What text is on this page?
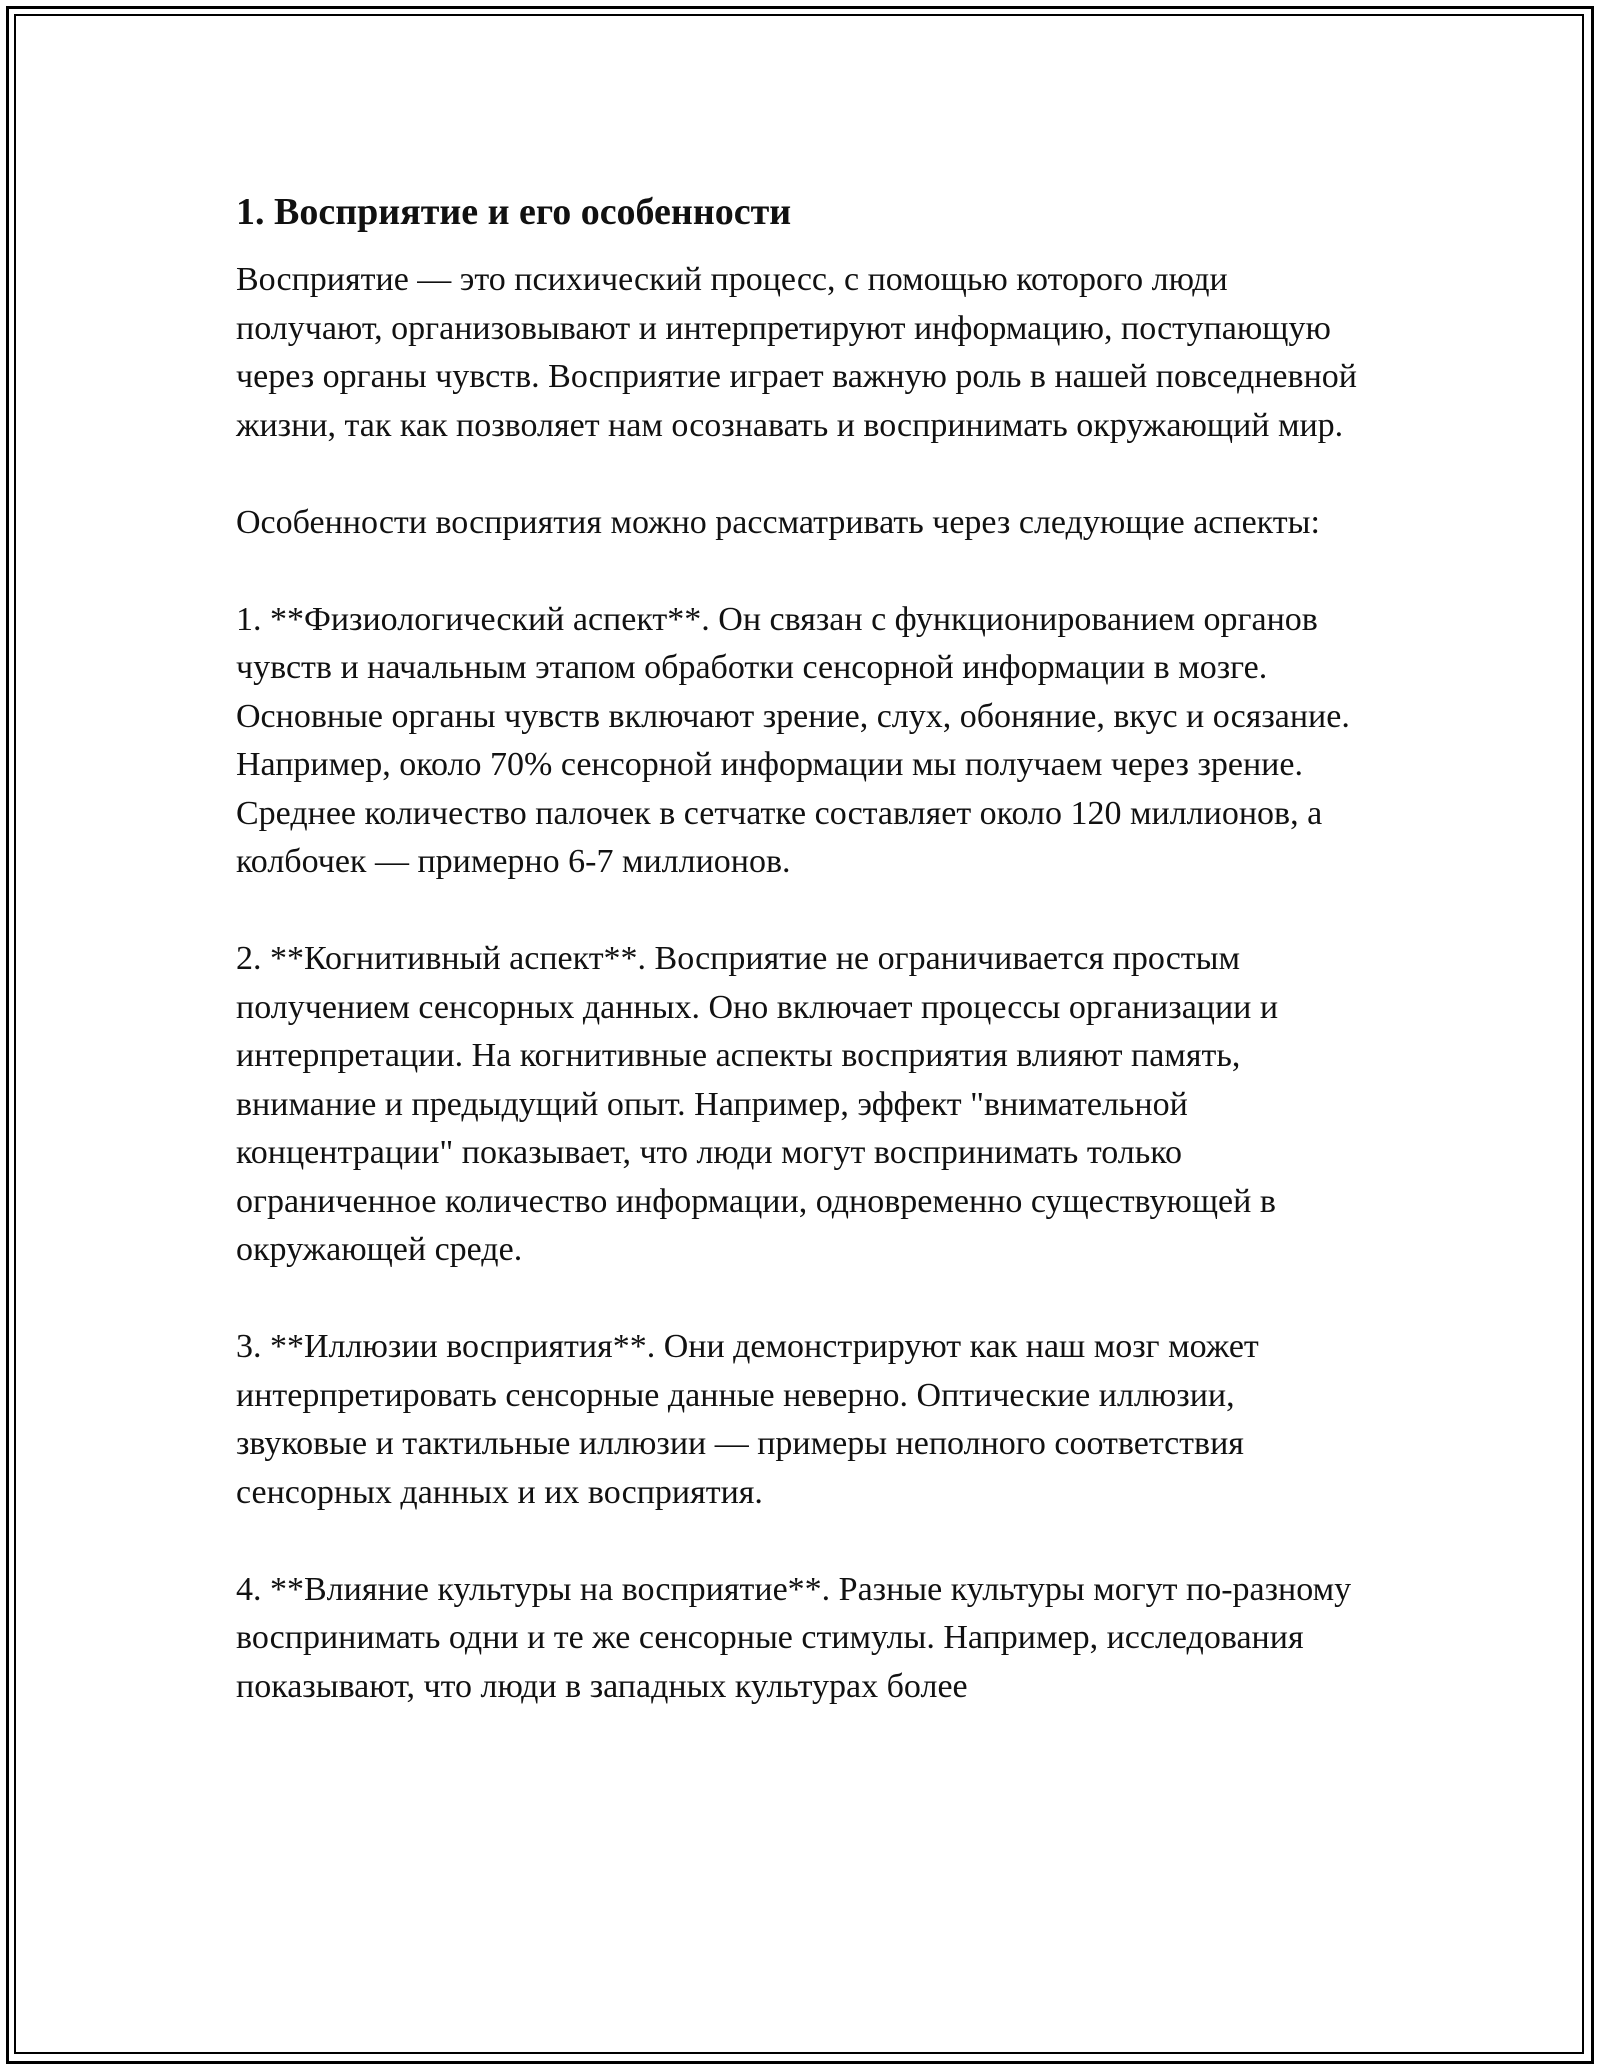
1. Восприятие и его особенности

Восприятие — это психический процесс, с помощью которого люди получают, организовывают и интерпретируют информацию, поступающую через органы чувств. Восприятие играет важную роль в нашей повседневной жизни, так как позволяет нам осознавать и воспринимать окружающий мир.

Особенности восприятия можно рассматривать через следующие аспекты:

1. **Физиологический аспект**. Он связан с функционированием органов чувств и начальным этапом обработки сенсорной информации в мозге. Основные органы чувств включают зрение, слух, обоняние, вкус и осязание. Например, около 70% сенсорной информации мы получаем через зрение. Среднее количество палочек в сетчатке составляет около 120 миллионов, а колбочек — примерно 6-7 миллионов.

2. **Когнитивный аспект**. Восприятие не ограничивается простым получением сенсорных данных. Оно включает процессы организации и интерпретации. На когнитивные аспекты восприятия влияют память, внимание и предыдущий опыт. Например, эффект "внимательной концентрации" показывает, что люди могут воспринимать только ограниченное количество информации, одновременно существующей в окружающей среде.

3. **Иллюзии восприятия**. Они демонстрируют как наш мозг может интерпретировать сенсорные данные неверно. Оптические иллюзии, звуковые и тактильные иллюзии — примеры неполного соответствия сенсорных данных и их восприятия.

4. **Влияние культуры на восприятие**. Разные культуры могут по-разному воспринимать одни и те же сенсорные стимулы. Например, исследования показывают, что люди в западных культурах более
